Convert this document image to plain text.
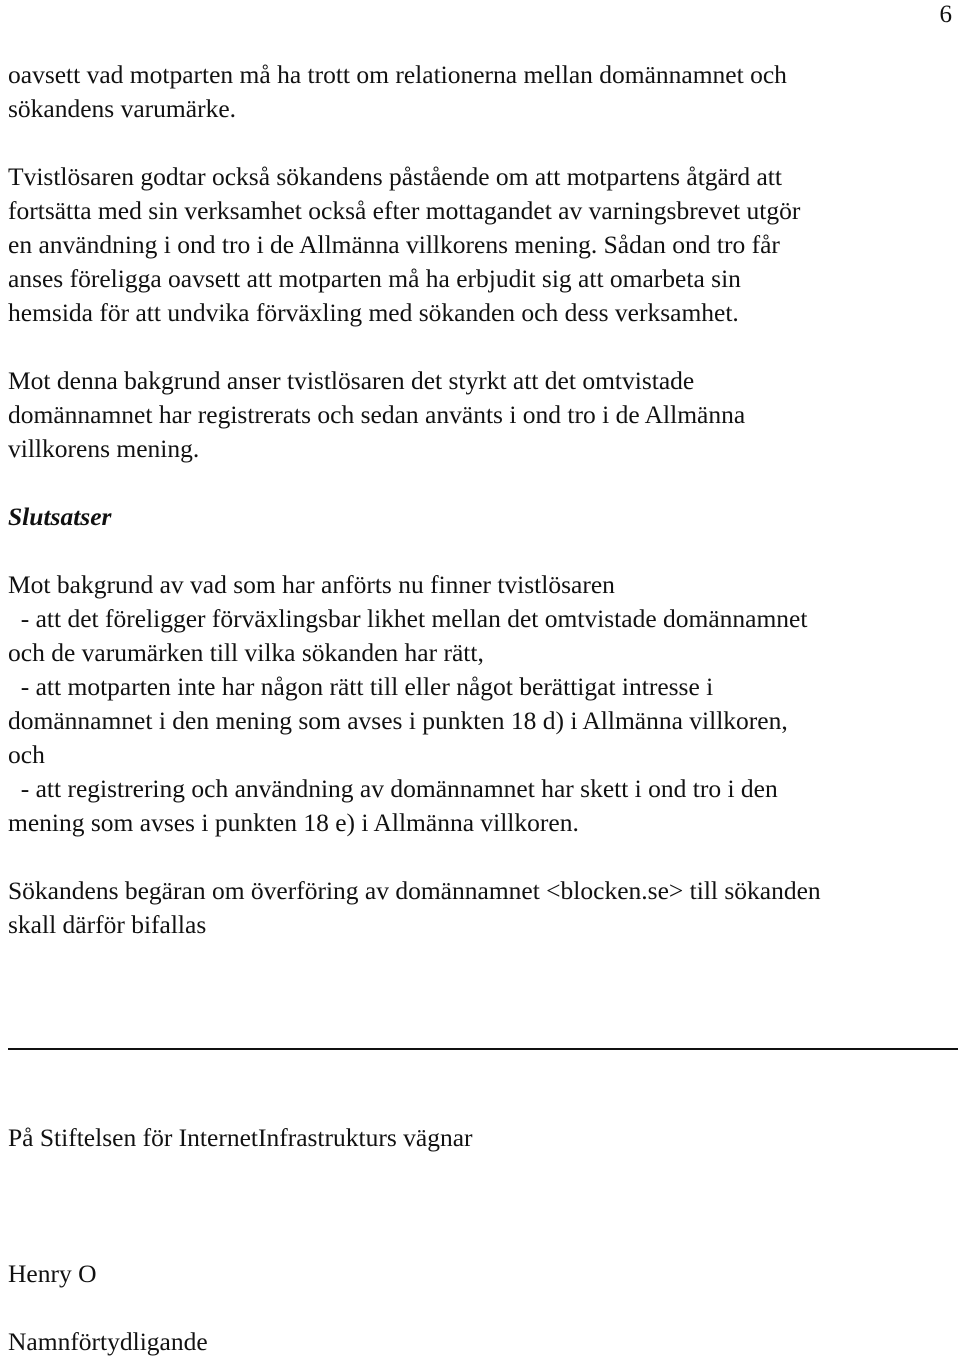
6
oavsett vad motparten må ha trott om relationerna mellan domännamnet och
sökandens varumärke.
Tvistlösaren godtar också sökandens påstående om att motpartens åtgärd att
fortsätta med sin verksamhet också efter mottagandet av varningsbrevet utgör
en användning i ond tro i de Allmänna villkorens mening. Sådan ond tro får
anses föreligga oavsett att motparten må ha erbjudit sig att omarbeta sin
hemsida för att undvika förväxling med sökanden och dess verksamhet.
Mot denna bakgrund anser tvistlösaren det styrkt att det omtvistade
domännamnet har registrerats och sedan använts i ond tro i de Allmänna
villkorens mening.
Slutsatser
Mot bakgrund av vad som har anförts nu finner tvistlösaren
- att det föreligger förväxlingsbar likhet mellan det omtvistade domännamnet
och de varumärken till vilka sökanden har rätt,
- att motparten inte har någon rätt till eller något berättigat intresse i
domännamnet i den mening som avses i punkten 18 d) i Allmänna villkoren,
och
- att registrering och användning av domännamnet har skett i ond tro i den
mening som avses i punkten 18 e) i Allmänna villkoren.
Sökandens begäran om överföring av domännamnet <blocken.se> till sökanden
skall därför bifallas
På Stiftelsen för InternetInfrastrukturs vägnar
Henry O
Namnförtydligande
